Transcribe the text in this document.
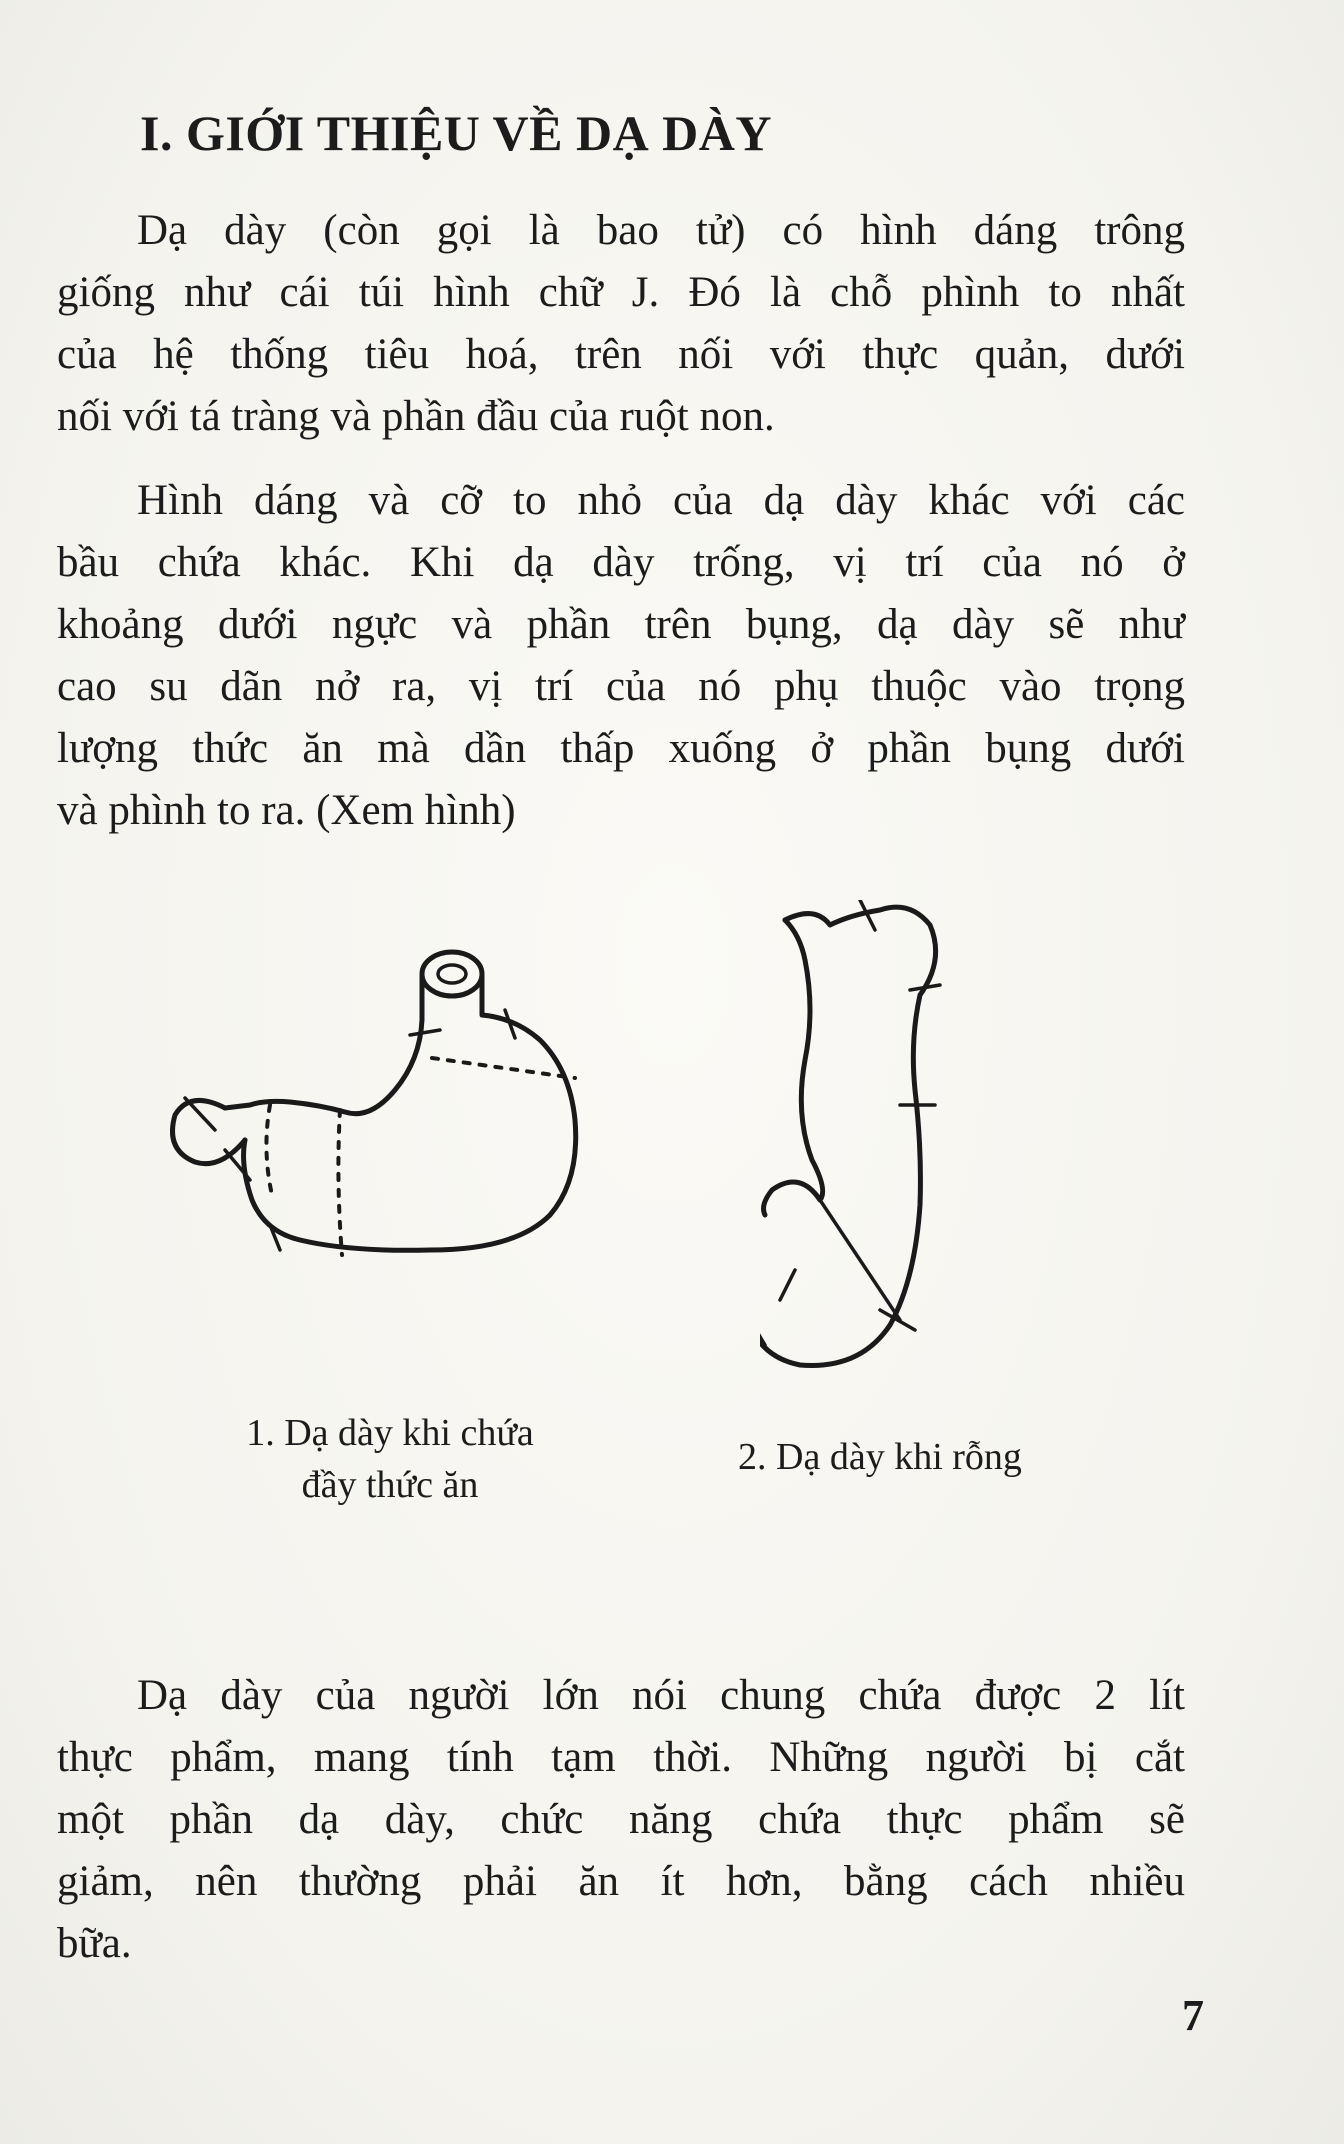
I. GIỚI THIỆU VỀ DẠ DÀY
Dạ dày (còn gọi là bao tử) có hình dáng trông
giống như cái túi hình chữ J. Đó là chỗ phình to nhất
của hệ thống tiêu hoá, trên nối với thực quản, dưới
nối với tá tràng và phần đầu của ruột non.
Hình dáng và cỡ to nhỏ của dạ dày khác với các
bầu chứa khác. Khi dạ dày trống, vị trí của nó ở
khoảng dưới ngực và phần trên bụng, dạ dày sẽ như
cao su dãn nở ra, vị trí của nó phụ thuộc vào trọng
lượng thức ăn mà dần thấp xuống ở phần bụng dưới
và phình to ra. (Xem hình)
1. Dạ dày khi chứa
đầy thức ăn
2. Dạ dày khi rỗng
Dạ dày của người lớn nói chung chứa được 2 lít
thực phẩm, mang tính tạm thời. Những người bị cắt
một phần dạ dày, chức năng chứa thực phẩm sẽ
giảm, nên thường phải ăn ít hơn, bằng cách nhiều
bữa.

7
